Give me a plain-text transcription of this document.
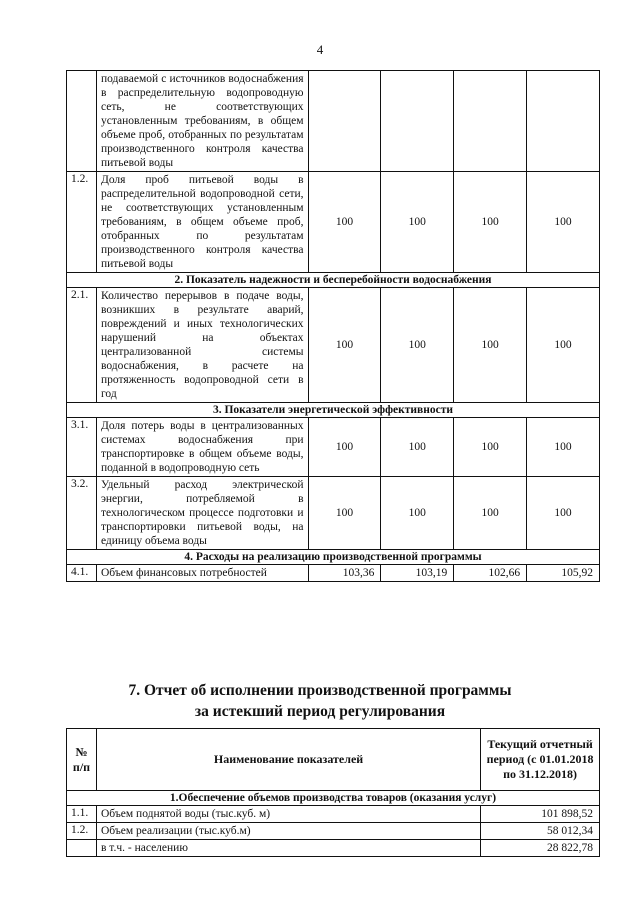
4
	подаваемой с источников водоснабжения в распределительную водопроводную сеть, не соответствующих установленным требованиям, в общем объеме проб, отобранных по результатам производственного контроля качества питьевой воды				
1.2.	Доля проб питьевой воды в распределительной водопроводной сети, не соответствующих установленным требованиям, в общем объеме проб, отобранных по результатам производственного контроля качества питьевой воды	100	100	100	100
2. Показатель надежности и бесперебойности водоснабжения					
2.1.	Количество перерывов в подаче воды, возникших в результате аварий, повреждений и иных технологических нарушений на объектах централизованной системы водоснабжения, в расчете на протяженность водопроводной сети в год	100	100	100	100
3. Показатели энергетической эффективности					
3.1.	Доля потерь воды в централизованных системах водоснабжения при транспортировке в общем объеме воды, поданной в водопроводную сеть	100	100	100	100
3.2.	Удельный расход электрической энергии, потребляемой в технологическом процессе подготовки и транспортировки питьевой воды, на единицу объема воды	100	100	100	100
4. Расходы на реализацию производственной программы					
4.1.	Объем финансовых потребностей	103,36	103,19	102,66	105,92
7. Отчет об исполнении производственной программы
за истекший период регулирования
№ п/п	Наименование показателей	Текущий отчетный период (с 01.01.2018 по 31.12.2018)
1.Обеспечение объемов производства товаров (оказания услуг)		
1.1.	Объем поднятой воды (тыс.куб. м)	101 898,52
1.2.	Объем реализации (тыс.куб.м)	58 012,34
	в т.ч. - населению	28 822,78
